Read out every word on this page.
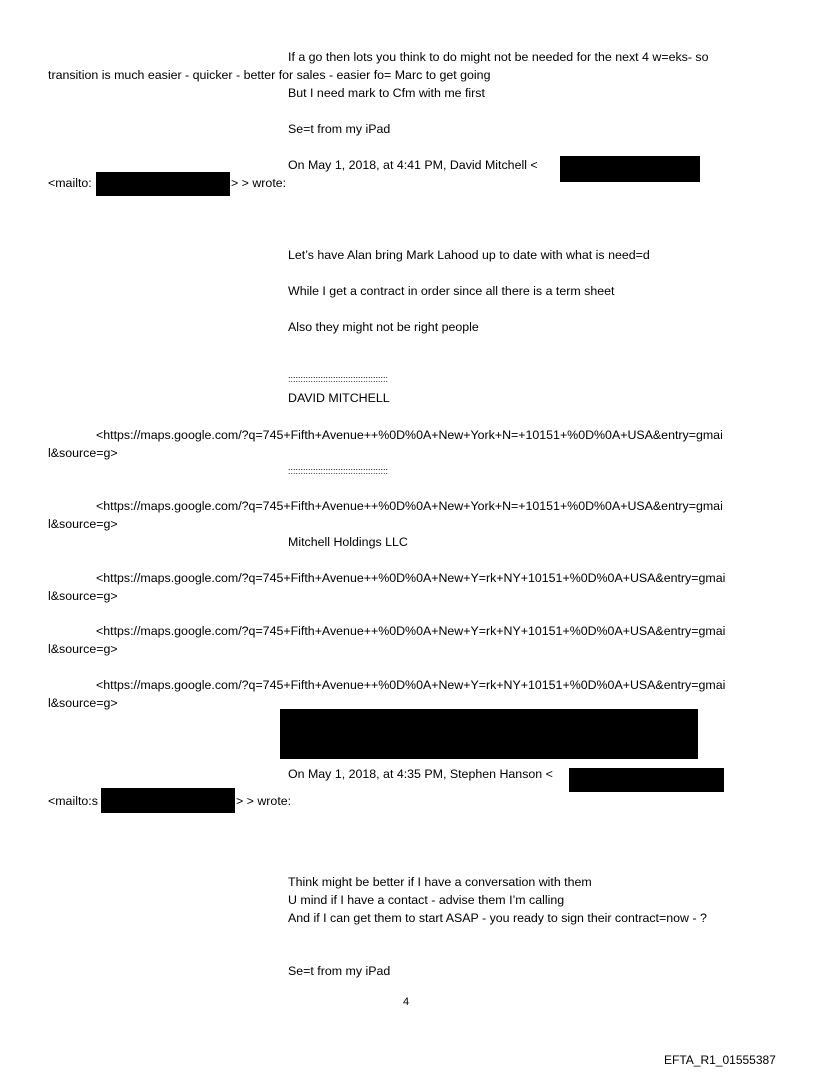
If a go then lots you think to do might not be needed for the next 4 w=eks- so
transition is much easier - quicker - better for sales - easier fo= Marc to get going
But I need mark to Cfm with me first
Se=t from my iPad
On May 1, 2018, at 4:41 PM, David Mitchell <
<mailto:	> > wrote:
Let’s have Alan bring Mark Lahood up to date with what is need=d
While I get a contract in order since all there is a term sheet
Also they might not be right people
::::::::::::::::::::::::::::::::::::::::
DAVID MITCHELL
<https://maps.google.com/?q=745+Fifth+Avenue++%0D%0A+New+York+N=+10151+%0D%0A+USA&entry=gmai
l&source=g>
::::::::::::::::::::::::::::::::::::::::
<https://maps.google.com/?q=745+Fifth+Avenue++%0D%0A+New+York+N=+10151+%0D%0A+USA&entry=gmai
l&source=g>
Mitchell Holdings LLC
<https://maps.google.com/?q=745+Fifth+Avenue++%0D%0A+New+Y=rk+NY+10151+%0D%0A+USA&entry=gmai
l&source=g>
<https://maps.google.com/?q=745+Fifth+Avenue++%0D%0A+New+Y=rk+NY+10151+%0D%0A+USA&entry=gmai
l&source=g>
<https://maps.google.com/?q=745+Fifth+Avenue++%0D%0A+New+Y=rk+NY+10151+%0D%0A+USA&entry=gmai
l&source=g>
On May 1, 2018, at 4:35 PM, Stephen Hanson <
<mailto:s	> > wrote:
Think might be better if I have a conversation with them
U mind if I have a contact - advise them I’m calling
And if I can get them to start ASAP - you ready to sign their contract=now - ?
Se=t from my iPad
4
EFTA_R1_01555387
